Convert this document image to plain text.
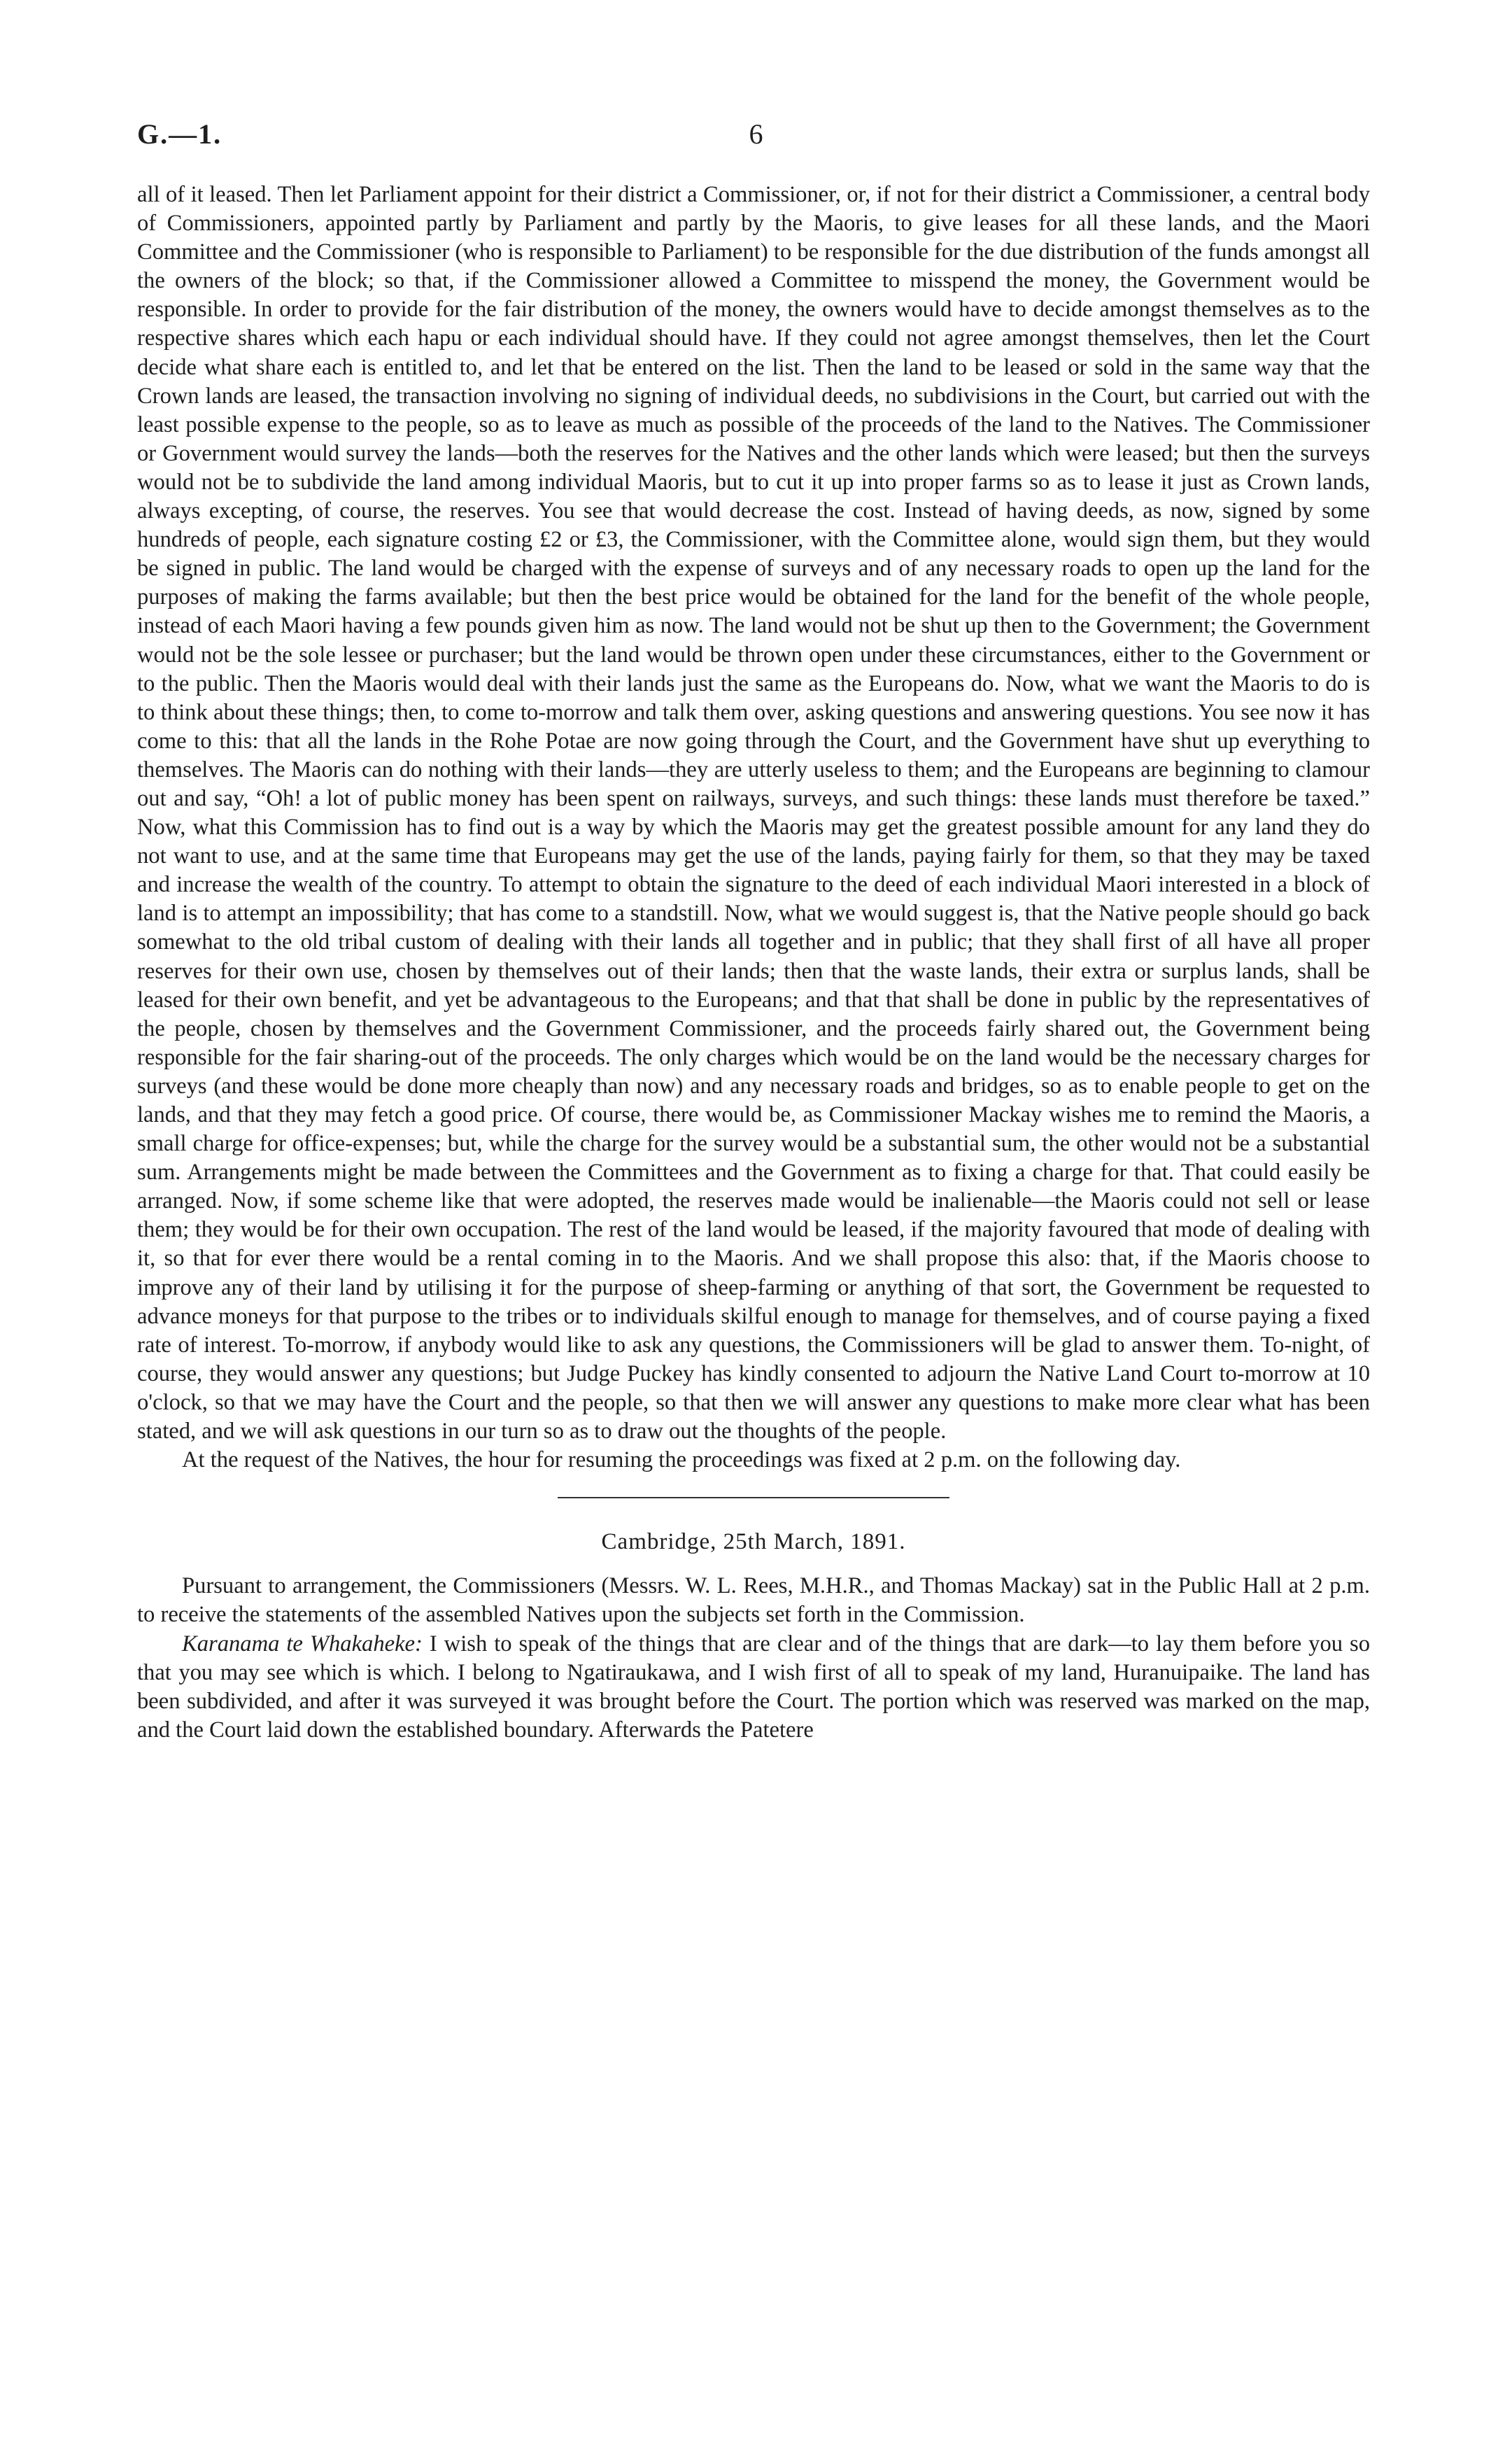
G.—1.	6

all of it leased. Then let Parliament appoint for their district a Commissioner, or, if not for their district a Commissioner, a central body of Commissioners, appointed partly by Parliament and partly by the Maoris, to give leases for all these lands, and the Maori Committee and the Commissioner (who is responsible to Parliament) to be responsible for the due distribution of the funds amongst all the owners of the block; so that, if the Commissioner allowed a Committee to misspend the money, the Government would be responsible. In order to provide for the fair distribution of the money, the owners would have to decide amongst themselves as to the respective shares which each hapu or each individual should have. If they could not agree amongst themselves, then let the Court decide what share each is entitled to, and let that be entered on the list. Then the land to be leased or sold in the same way that the Crown lands are leased, the transaction involving no signing of individual deeds, no subdivisions in the Court, but carried out with the least possible expense to the people, so as to leave as much as possible of the proceeds of the land to the Natives. The Commissioner or Government would survey the lands—both the reserves for the Natives and the other lands which were leased; but then the surveys would not be to subdivide the land among individual Maoris, but to cut it up into proper farms so as to lease it just as Crown lands, always excepting, of course, the reserves. You see that would decrease the cost. Instead of having deeds, as now, signed by some hundreds of people, each signature costing £2 or £3, the Commissioner, with the Committee alone, would sign them, but they would be signed in public. The land would be charged with the expense of surveys and of any necessary roads to open up the land for the purposes of making the farms available; but then the best price would be obtained for the land for the benefit of the whole people, instead of each Maori having a few pounds given him as now. The land would not be shut up then to the Government; the Government would not be the sole lessee or purchaser; but the land would be thrown open under these circumstances, either to the Government or to the public. Then the Maoris would deal with their lands just the same as the Europeans do. Now, what we want the Maoris to do is to think about these things; then, to come to-morrow and talk them over, asking questions and answering questions. You see now it has come to this: that all the lands in the Rohe Potae are now going through the Court, and the Government have shut up everything to themselves. The Maoris can do nothing with their lands—they are utterly useless to them; and the Europeans are beginning to clamour out and say, “Oh! a lot of public money has been spent on railways, surveys, and such things: these lands must therefore be taxed.” Now, what this Commission has to find out is a way by which the Maoris may get the greatest possible amount for any land they do not want to use, and at the same time that Europeans may get the use of the lands, paying fairly for them, so that they may be taxed and increase the wealth of the country. To attempt to obtain the signature to the deed of each individual Maori interested in a block of land is to attempt an impossibility; that has come to a standstill. Now, what we would suggest is, that the Native people should go back somewhat to the old tribal custom of dealing with their lands all together and in public; that they shall first of all have all proper reserves for their own use, chosen by themselves out of their lands; then that the waste lands, their extra or surplus lands, shall be leased for their own benefit, and yet be advantageous to the Europeans; and that that shall be done in public by the representatives of the people, chosen by themselves and the Government Commissioner, and the proceeds fairly shared out, the Government being responsible for the fair sharing-out of the proceeds. The only charges which would be on the land would be the necessary charges for surveys (and these would be done more cheaply than now) and any necessary roads and bridges, so as to enable people to get on the lands, and that they may fetch a good price. Of course, there would be, as Commissioner Mackay wishes me to remind the Maoris, a small charge for office-expenses; but, while the charge for the survey would be a substantial sum, the other would not be a substantial sum. Arrangements might be made between the Committees and the Government as to fixing a charge for that. That could easily be arranged. Now, if some scheme like that were adopted, the reserves made would be inalienable—the Maoris could not sell or lease them; they would be for their own occupation. The rest of the land would be leased, if the majority favoured that mode of dealing with it, so that for ever there would be a rental coming in to the Maoris. And we shall propose this also: that, if the Maoris choose to improve any of their land by utilising it for the purpose of sheep-farming or anything of that sort, the Government be requested to advance moneys for that purpose to the tribes or to individuals skilful enough to manage for themselves, and of course paying a fixed rate of interest. To-morrow, if anybody would like to ask any questions, the Commissioners will be glad to answer them. To-night, of course, they would answer any questions; but Judge Puckey has kindly consented to adjourn the Native Land Court to-morrow at 10 o'clock, so that we may have the Court and the people, so that then we will answer any questions to make more clear what has been stated, and we will ask questions in our turn so as to draw out the thoughts of the people.

At the request of the Natives, the hour for resuming the proceedings was fixed at 2 p.m. on the following day.

Cambridge, 25th March, 1891.

Pursuant to arrangement, the Commissioners (Messrs. W. L. Rees, M.H.R., and Thomas Mackay) sat in the Public Hall at 2 p.m. to receive the statements of the assembled Natives upon the subjects set forth in the Commission.

Karanama te Whakaheke: I wish to speak of the things that are clear and of the things that are dark—to lay them before you so that you may see which is which. I belong to Ngatiraukawa, and I wish first of all to speak of my land, Huranuipaike. The land has been subdivided, and after it was surveyed it was brought before the Court. The portion which was reserved was marked on the map, and the Court laid down the established boundary. Afterwards the Patetere
